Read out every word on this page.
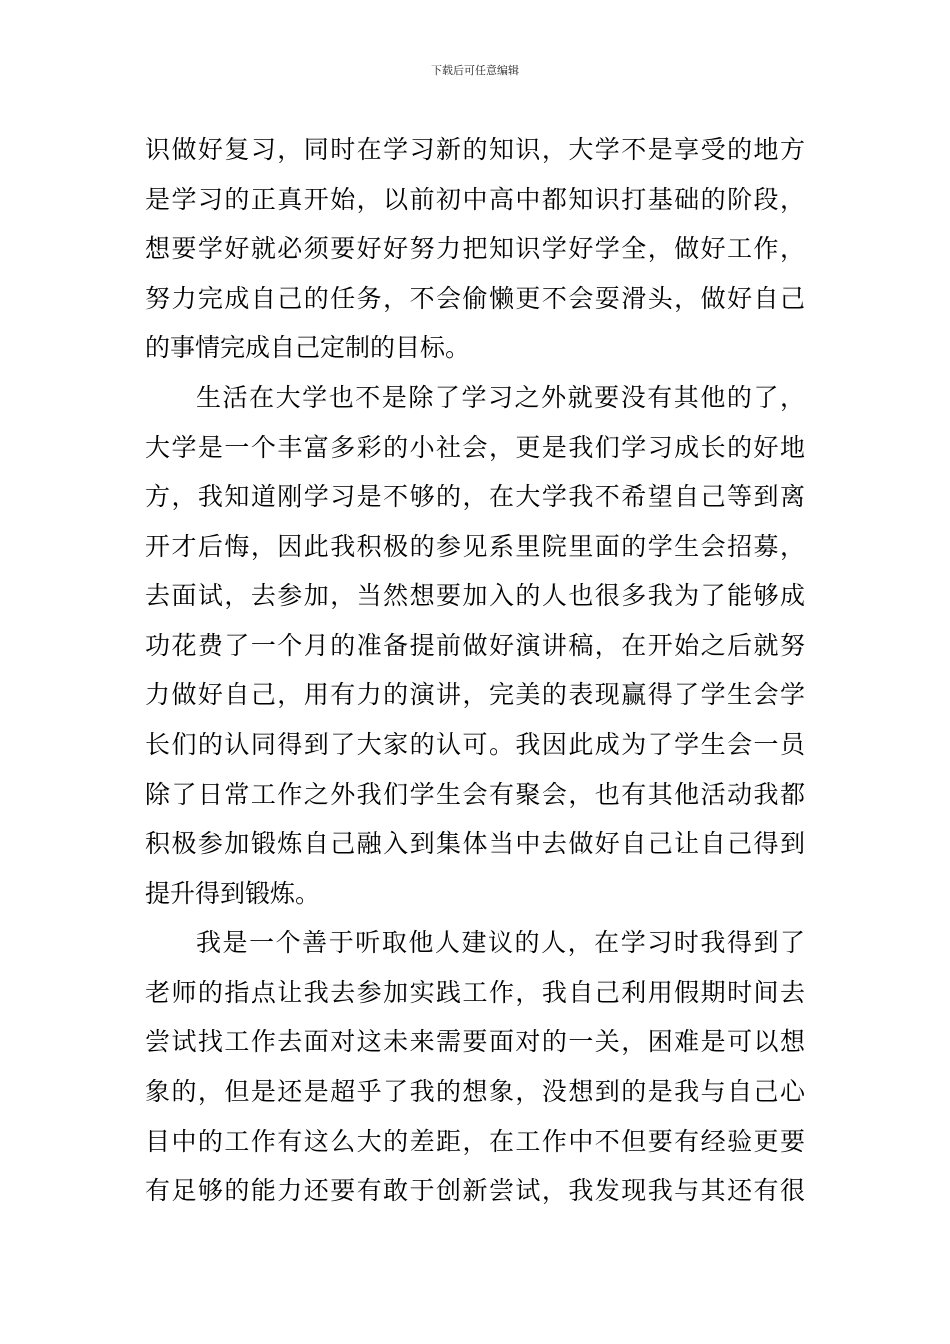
下载后可任意编辑
识做好复习，同时在学习新的知识，大学不是享受的地方
是学习的正真开始，以前初中高中都知识打基础的阶段，
想要学好就必须要好好努力把知识学好学全，做好工作，
努力完成自己的任务，不会偷懒更不会耍滑头，做好自己
的事情完成自己定制的目标。
生活在大学也不是除了学习之外就要没有其他的了，
大学是一个丰富多彩的小社会，更是我们学习成长的好地
方，我知道刚学习是不够的，在大学我不希望自己等到离
开才后悔，因此我积极的参见系里院里面的学生会招募，
去面试，去参加，当然想要加入的人也很多我为了能够成
功花费了一个月的准备提前做好演讲稿，在开始之后就努
力做好自己，用有力的演讲，完美的表现赢得了学生会学
长们的认同得到了大家的认可。我因此成为了学生会一员
除了日常工作之外我们学生会有聚会，也有其他活动我都
积极参加锻炼自己融入到集体当中去做好自己让自己得到
提升得到锻炼。
我是一个善于听取他人建议的人，在学习时我得到了
老师的指点让我去参加实践工作，我自己利用假期时间去
尝试找工作去面对这未来需要面对的一关，困难是可以想
象的，但是还是超乎了我的想象，没想到的是我与自己心
目中的工作有这么大的差距，在工作中不但要有经验更要
有足够的能力还要有敢于创新尝试，我发现我与其还有很
